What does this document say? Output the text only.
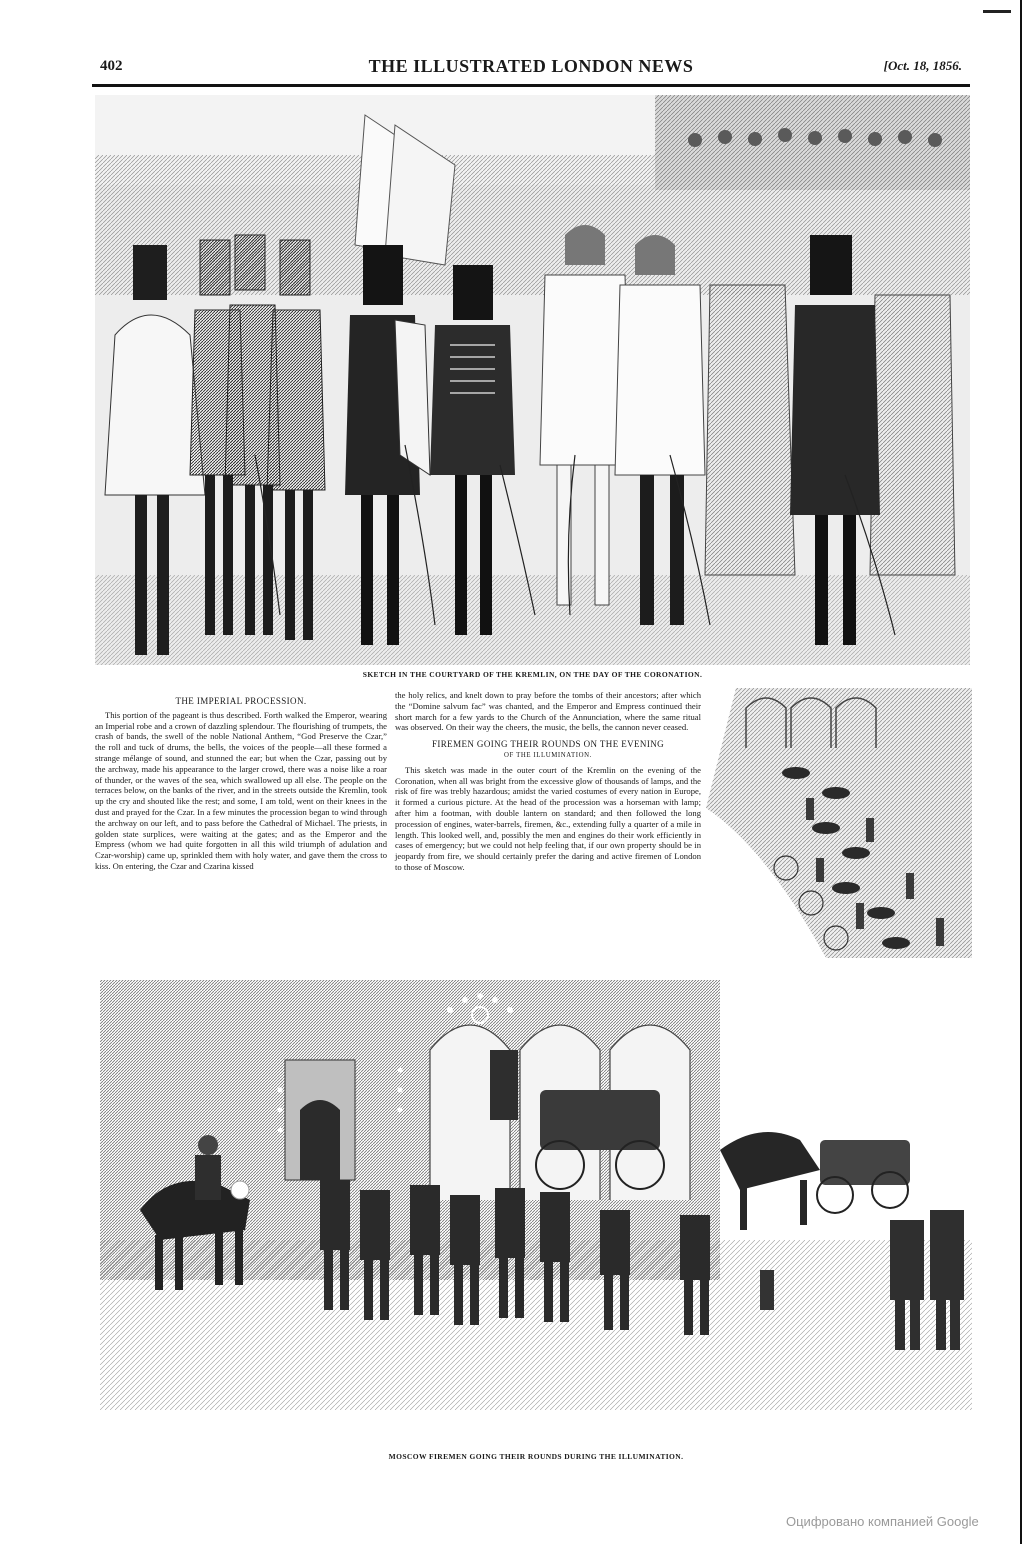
402	THE ILLUSTRATED LONDON NEWS	[Oct. 18, 1856.
SKETCH IN THE COURTYARD OF THE KREMLIN, ON THE DAY OF THE CORONATION.
THE IMPERIAL PROCESSION.

This portion of the pageant is thus described. Forth walked the Emperor, wearing an Imperial robe and a crown of dazzling splendour. The flourishing of trumpets, the crash of bands, the swell of the noble National Anthem, “God Preserve the Czar,” the roll and tuck of drums, the bells, the voices of the people—all these formed a strange mélange of sound, and stunned the ear; but when the Czar, passing out by the archway, made his appearance to the larger crowd, there was a noise like a roar of thunder, or the waves of the sea, which swallowed up all else. The people on the terraces below, on the banks of the river, and in the streets outside the Kremlin, took up the cry and shouted like the rest; and some, I am told, went on their knees in the dust and prayed for the Czar. In a few minutes the procession began to wind through the archway on our left, and to pass before the Cathedral of Michael. The priests, in golden state surplices, were waiting at the gates; and as the Emperor and the Empress (whom we had quite forgotten in all this wild triumph of adulation and Czar-worship) came up, sprinkled them with holy water, and gave them the cross to kiss. On entering, the Czar and Czarina kissed

the holy relics, and knelt down to pray before the tombs of their ancestors; after which the “Domine salvum fac” was chanted, and the Emperor and Empress continued their short march for a few yards to the Church of the Annunciation, where the same ritual was observed. On their way the cheers, the music, the bells, the cannon never ceased.

FIREMEN GOING THEIR ROUNDS ON THE EVENING
OF THE ILLUMINATION.

This sketch was made in the outer court of the Kremlin on the evening of the Coronation, when all was bright from the excessive glow of thousands of lamps, and the risk of fire was trebly hazardous; amidst the varied costumes of every nation in Europe, it formed a curious picture. At the head of the procession was a horseman with lamp; after him a footman, with double lantern on standard; and then followed the long procession of engines, water-barrels, firemen, &c., extending fully a quarter of a mile in length. This looked well, and, possibly the men and engines do their work efficiently in cases of emergency; but we could not help feeling that, if our own property should be in jeopardy from fire, we should certainly prefer the daring and active firemen of London to those of Moscow.

MOSCOW FIREMEN GOING THEIR ROUNDS DURING THE ILLUMINATION.
Оцифровано компанией Google
